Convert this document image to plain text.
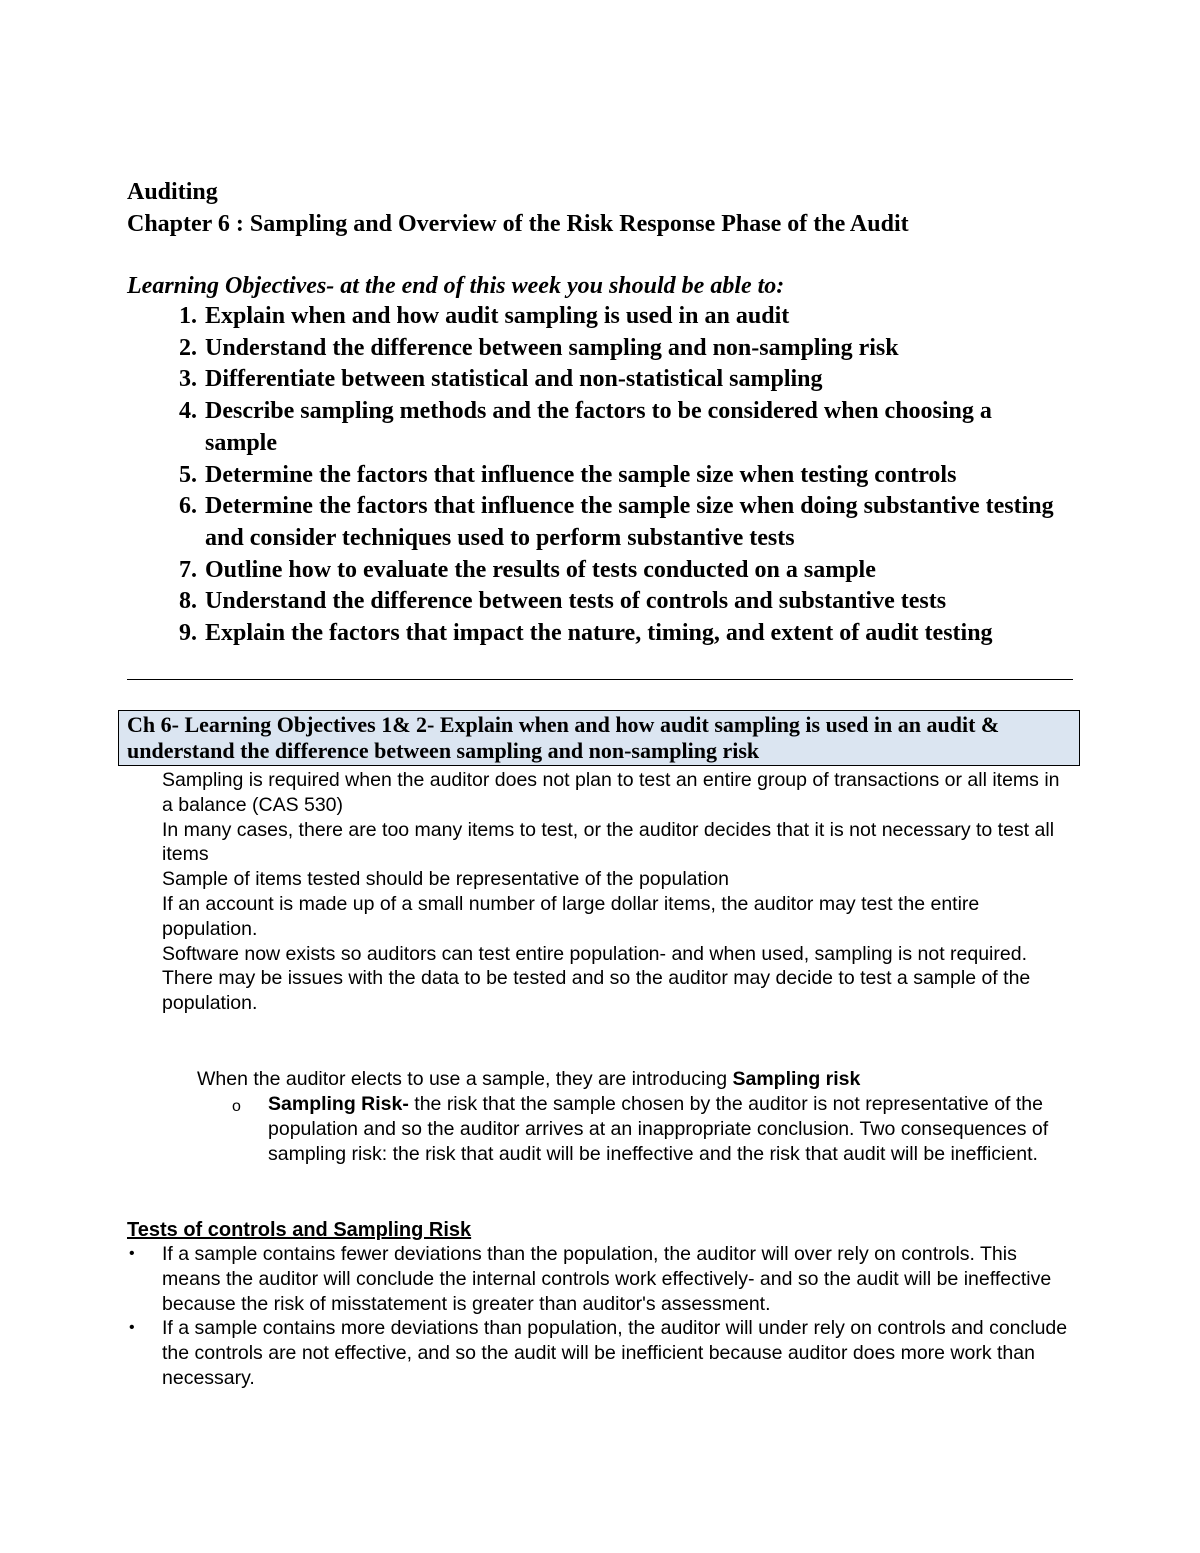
Auditing
Chapter 6 : Sampling and Overview of the Risk Response Phase of the Audit
Learning Objectives- at the end of this week you should be able to:
1. Explain when and how audit sampling is used in an audit
2. Understand the difference between sampling and non-sampling risk
3. Differentiate between statistical and non-statistical sampling
4. Describe sampling methods and the factors to be considered when choosing a sample
5. Determine the factors that influence the sample size when testing controls
6. Determine the factors that influence the sample size when doing substantive testing and consider techniques used to perform substantive tests
7. Outline how to evaluate the results of tests conducted on a sample
8. Understand the difference between tests of controls and substantive tests
9. Explain the factors that impact the nature, timing, and extent of audit testing
Ch 6- Learning Objectives 1& 2- Explain when and how audit sampling is used in an audit & understand the difference between sampling and non-sampling risk

Sampling is required when the auditor does not plan to test an entire group of transactions or all items in a balance (CAS 530)

In many cases, there are too many items to test, or the auditor decides that it is not necessary to test all items

Sample of items tested should be representative of the population

If an account is made up of a small number of large dollar items, the auditor may test the entire population.

Software now exists so auditors can test entire population- and when used, sampling is not required.

There may be issues with the data to be tested and so the auditor may decide to test a sample of the population.

When the auditor elects to use a sample, they are introducing Sampling risk
o	Sampling Risk- the risk that the sample chosen by the auditor is not representative of the population and so the auditor arrives at an inappropriate conclusion. Two consequences of sampling risk: the risk that audit will be ineffective and the risk that audit will be inefficient.
Tests of controls and Sampling Risk
•	If a sample contains fewer deviations than the population, the auditor will over rely on controls. This means the auditor will conclude the internal controls work effectively- and so the audit will be ineffective because the risk of misstatement is greater than auditor's assessment.
•	If a sample contains more deviations than population, the auditor will under rely on controls and conclude the controls are not effective, and so the audit will be inefficient because auditor does more work than necessary.
